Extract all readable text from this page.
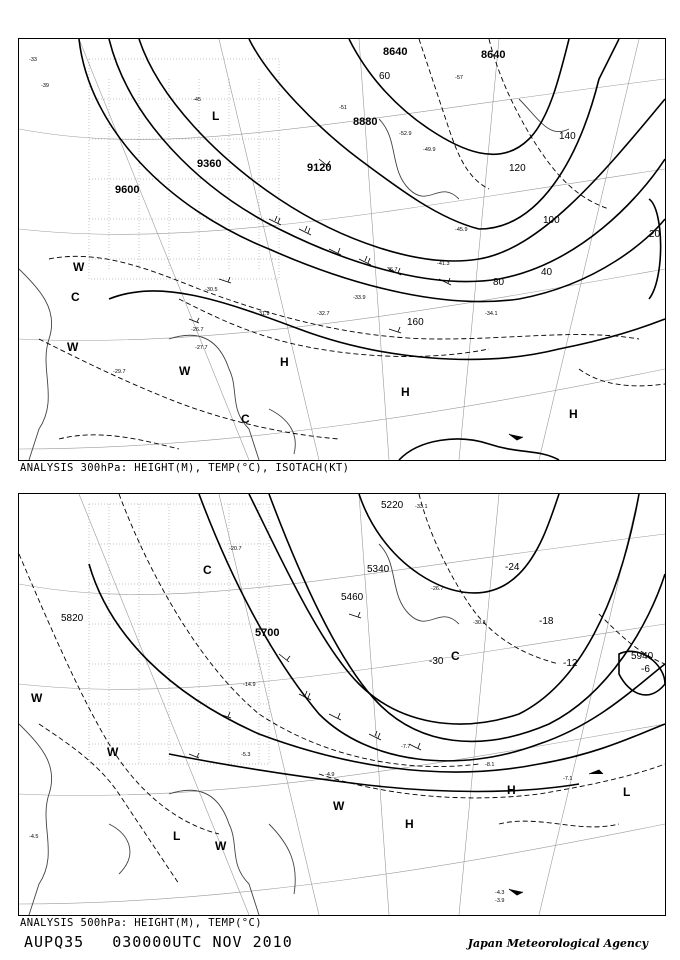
8640	8640
8880
9120
9360
9600
20
40
60
80
100
120
140
160
-33
-39
-45
-51
-57
-30.5
-31.9	-32.7
-33.9
-34.1
-36.7
-41.3
-45.9
-49.9
-52.9
-29.7
-27.7
-26.7
L
H
H
H
W
W
W
C
C
ANALYSIS 300hPa: HEIGHT(M), TEMP(°C), ISOTACH(KT)
5220
5340
5460
5700
5820
5940
-6
-12
-18
-24
-30
-30.3
-33.1
-26.7
-20.7
-14.9
-4.9
-4.3
-5.3
-7.1
-7.7
-8.1
-3.9
-4.5
H
H
L
L
W
W
W
W
C
C
ANALYSIS 500hPa: HEIGHT(M), TEMP(°C)
AUPQ35 030000UTC NOV 2010	Japan Meteorological Agency
